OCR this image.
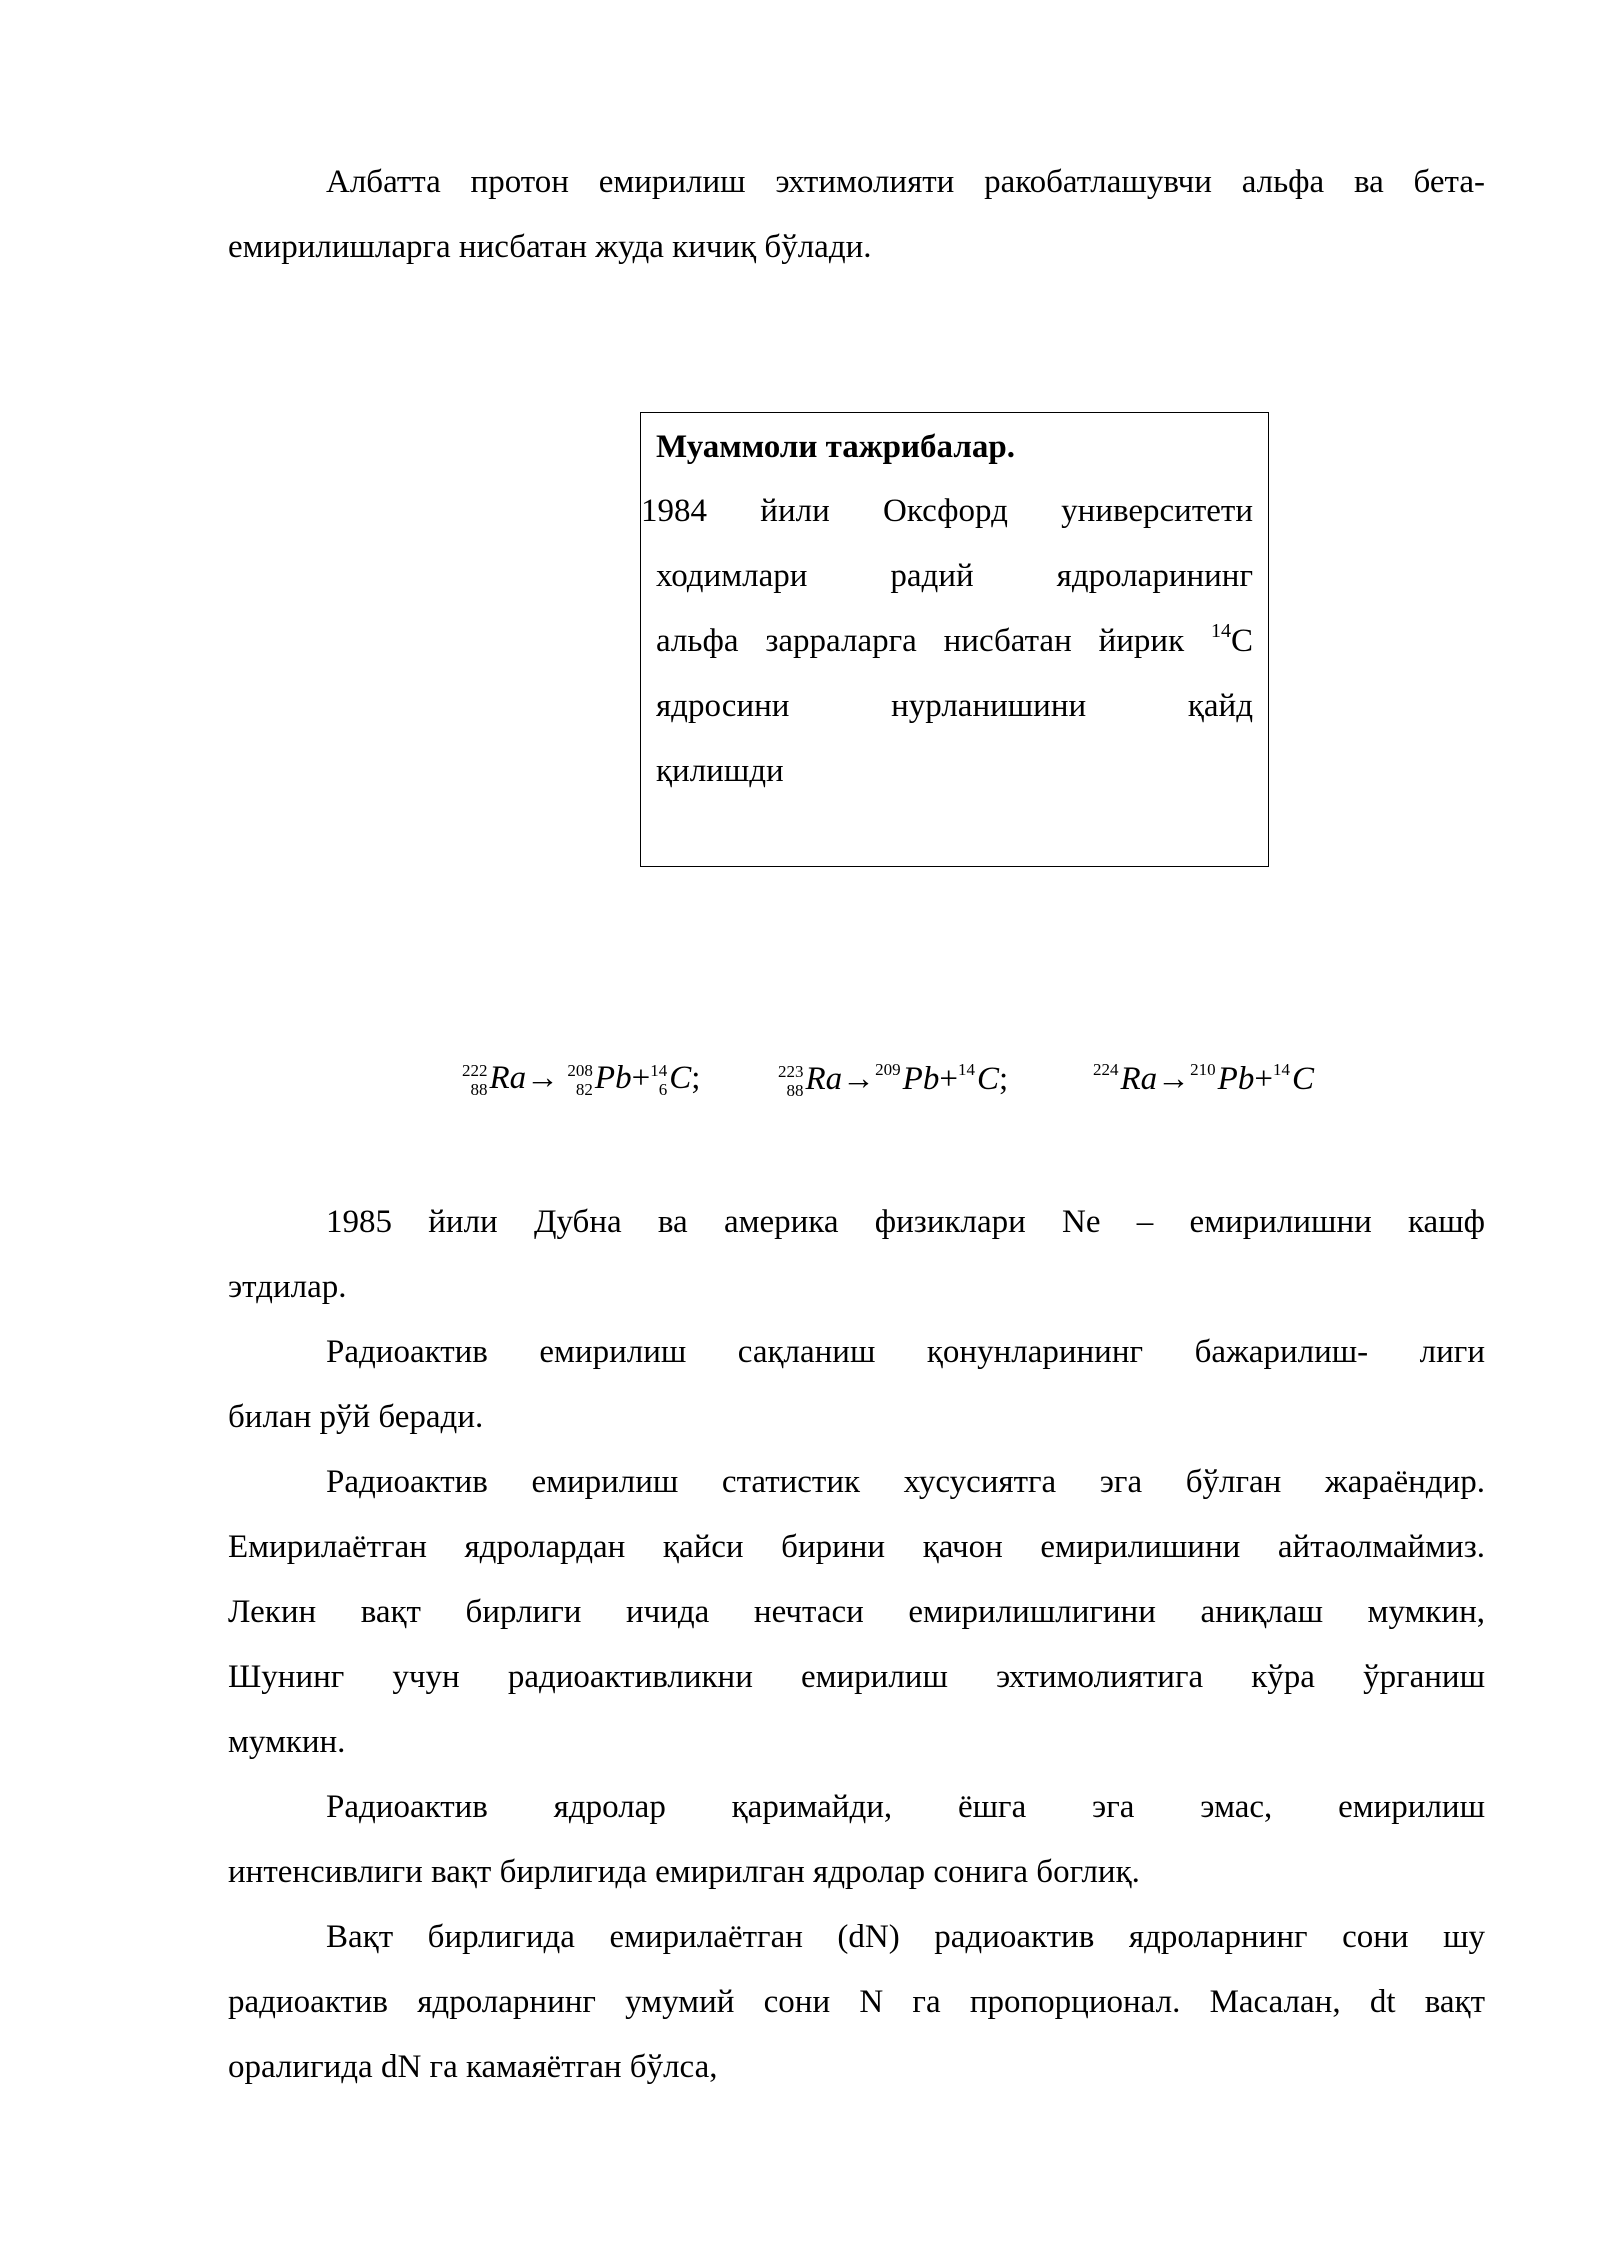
Албатта протон емирилиш эхтимолияти ракобатлашувчи альфа ва бета-
емирилишларга нисбатан жуда кичиқ бўлади.
Муаммоли тажрибалар.
1984 йили Оксфорд университети
ходимлари радий ядроларининг
альфа зарраларга нисбатан йирик $^{14}$С
ядросини нурланишини қайд
қилишди
222
88 Ra→ 208
82 Pb+ 14
6 C;	223
88 Ra→209Pb+14C;	224Ra→210Pb+14C
1985 йили Дубна ва америка физиклари Nе – емирилишни кашф
этдилар.
Радиоактив емирилиш сақланиш қонунларининг бажарилиш- лиги
билан рўй беради.
Радиоактив емирилиш статистик хусусиятга эга бўлган жараёндир.
Емирилаётган ядролардан қайси бирини қачон емирилишини айтаолмаймиз.
Лекин вақт бирлиги ичида нечтаси емирилишлигини аниқлаш мумкин,
Шунинг учун радиоактивликни емирилиш эхтимолиятига кўра ўрганиш
мумкин.
Радиоактив ядролар қаримайди, ёшга эга эмас, емирилиш
интенсивлиги вақт бирлигида емирилган ядролар сонига боглиқ.
Вақт бирлигида емирилаётган (dN) радиоактив ядроларнинг сони шу
радиоактив ядроларнинг умумий сони N га пропорционал. Масалан, dt вақт
оралигида dN га камаяётган бўлса,
